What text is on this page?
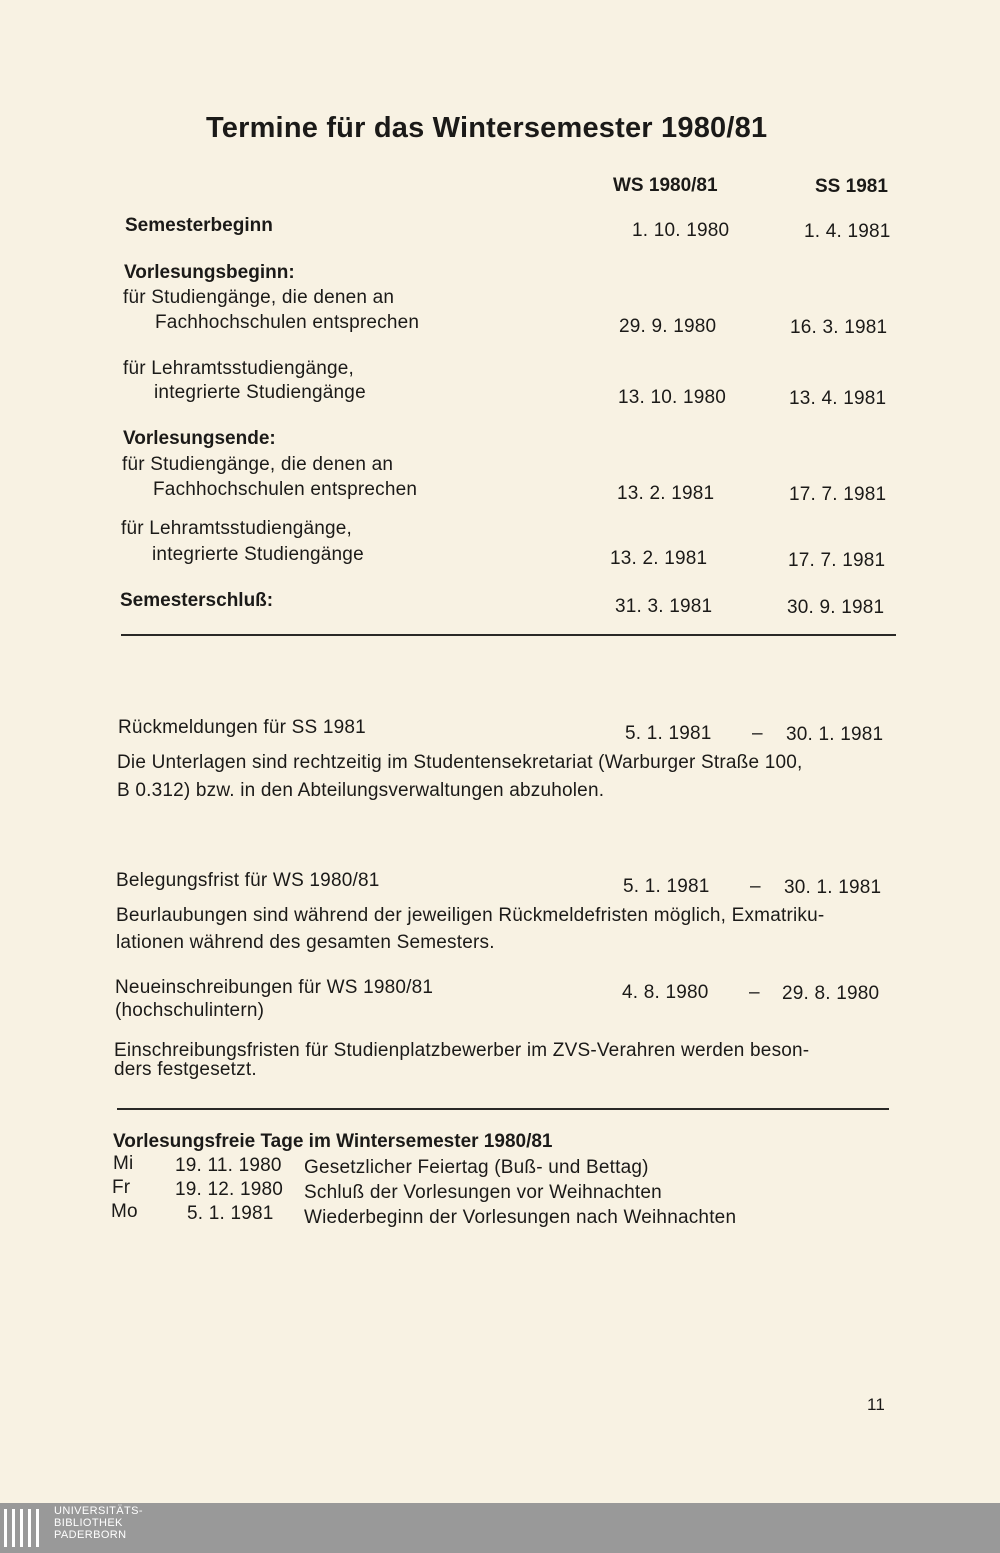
Termine für das Wintersemester 1980/81
WS 1980/81	SS 1981
Semesterbeginn	1. 10. 1980	1. 4. 1981
Vorlesungsbeginn:
für Studiengänge, die denen an
Fachhochschulen entsprechen	29. 9. 1980	16. 3. 1981
für Lehramtsstudiengänge,
integrierte Studiengänge	13. 10. 1980	13. 4. 1981
Vorlesungsende:
für Studiengänge, die denen an
Fachhochschulen entsprechen	13. 2. 1981	17. 7. 1981
für Lehramtsstudiengänge,
integrierte Studiengänge	13. 2. 1981	17. 7. 1981
Semesterschluß:	31. 3. 1981	30. 9. 1981
Rückmeldungen für SS 1981	5. 1. 1981 – 30. 1. 1981
Die Unterlagen sind rechtzeitig im Studentensekretariat (Warburger Straße 100,
B 0.312) bzw. in den Abteilungsverwaltungen abzuholen.
Belegungsfrist für WS 1980/81	5. 1. 1981 – 30. 1. 1981
Beurlaubungen sind während der jeweiligen Rückmeldefristen möglich, Exmatriku-
lationen während des gesamten Semesters.
Neueinschreibungen für WS 1980/81
(hochschulintern)
4. 8. 1980 – 29. 8. 1980
Einschreibungsfristen für Studienplatzbewerber im ZVS-Verahren werden beson-
ders festgesetzt.
Vorlesungsfreie Tage im Wintersemester 1980/81
Mi 19. 11. 1980 Gesetzlicher Feiertag (Buß- und Bettag)
Fr 19. 12. 1980 Schluß der Vorlesungen vor Weihnachten
Mo	5. 1. 1981 Wiederbeginn der Vorlesungen nach Weihnachten
11
UNIVERSITÄTS-
BIBLIOTHEK
PADERBORN
